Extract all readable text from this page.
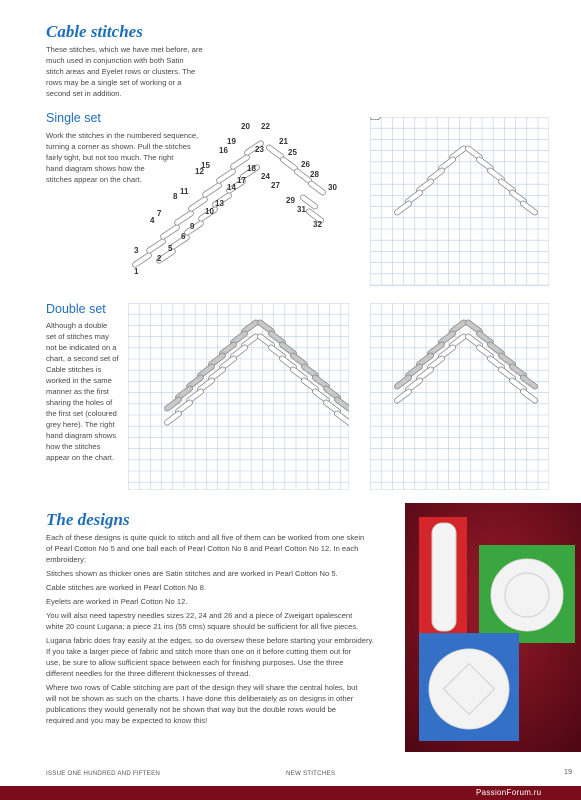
Cable stitches
These stitches, which we have met before, are
much used in conjunction with both Satin
stitch areas and Eyelet rows or clusters. The
rows may be a single set of working or a
second set in addition.
Single set
Work the stitches in the numbered sequence,
turning a corner as shown. Pull the stitches
fairly tight, but not too much. The right
hand diagram shows how the
stitches appear on the chart.
1
2
3
4
5
6
7
8
9
10
11
12
13
14
15
16
17
18
19
20
21
22
23
24
25
26
27
28
29
30
31
32
Double set
Although a double
set of stitches may
not be indicated on a
chart, a second set of
Cable stitches is
worked in the same
manner as the first
sharing the holes of
the first set (coloured
grey here). The right
hand diagram shows
how the stitches
appear on the chart.
The designs
Each of these designs is quite quick to stitch and all five of them can be worked from one skein
of Pearl Cotton No 5 and one ball each of Pearl Cotton No 8 and Pearl Cotton No 12. In each
embroidery:
Stitches shown as thicker ones are Satin stitches and are worked in Pearl Cotton No 5.
Cable stitches are worked in Pearl Cotton No 8.
Eyelets are worked in Pearl Cotton No 12.
You will also need tapestry needles sizes 22, 24 and 26 and a piece of Zweigart opalescent
white 20 count Lugana; a piece 21 ins (55 cms) square should be sufficient for all five pieces.
Lugana fabric does fray easily at the edges, so do oversew these before starting your embroidery.
If you take a larger piece of fabric and stitch more than one on it before cutting them out for
use, be sure to allow sufficient space between each for finishing purposes. Use the three
different needles for the three different thicknesses of thread.
Where two rows of Cable stitching are part of the design they will share the central holes, but
will not be shown as such on the charts. I have done this deliberately as on designs in other
publications they would generally not be shown that way but the double rows would be
required and you may be expected to know this!
ISSUE ONE HUNDRED AND FIFTEEN	NEW STITCHES	19
PassionForum.ru
